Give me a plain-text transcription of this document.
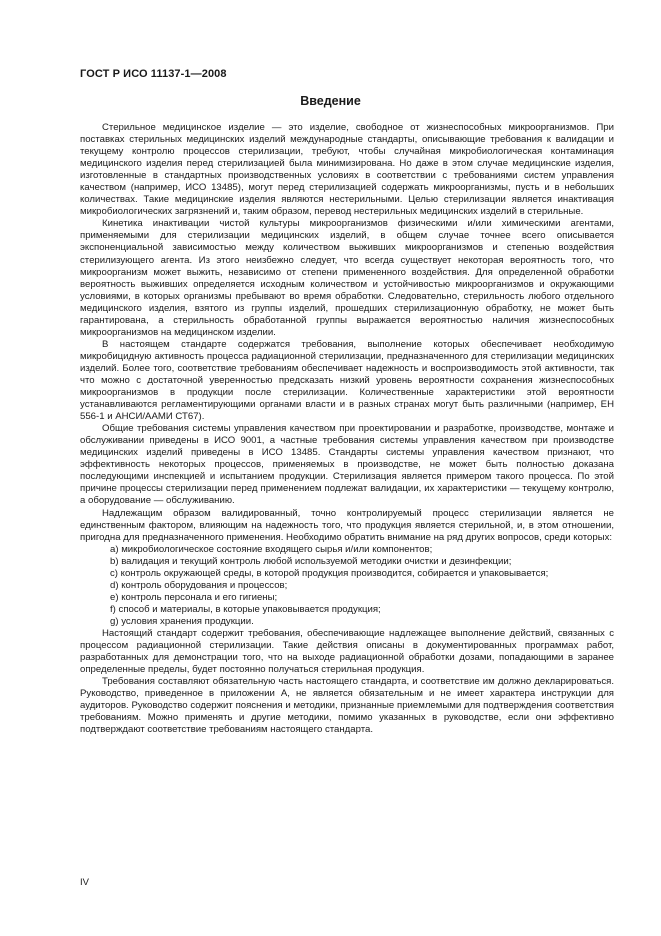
ГОСТ Р ИСО 11137-1—2008
Введение

Стерильное медицинское изделие — это изделие, свободное от жизнеспособных микроорганизмов. При поставках стерильных медицинских изделий международные стандарты, описывающие требования к валидации и текущему контролю процессов стерилизации, требуют, чтобы случайная микробиологическая контаминация медицинского изделия перед стерилизацией была минимизирована. Но даже в этом случае медицинские изделия, изготовленные в стандартных производственных условиях в соответствии с требованиями систем управления качеством (например, ИСО 13485), могут перед стерилизацией содержать микроорганизмы, пусть и в небольших количествах. Такие медицинские изделия являются нестерильными. Целью стерилизации является инактивация микробиологических загрязнений и, таким образом, перевод нестерильных медицинских изделий в стерильные.

Кинетика инактивации чистой культуры микроорганизмов физическими и/или химическими агентами, применяемыми для стерилизации медицинских изделий, в общем случае точнее всего описывается экспоненциальной зависимостью между количеством выживших микроорганизмов и степенью воздействия стерилизующего агента. Из этого неизбежно следует, что всегда существует некоторая вероятность того, что микроорганизм может выжить, независимо от степени примененного воздействия. Для определенной обработки вероятность выживших определяется исходным количеством и устойчивостью микроорганизмов и окружающими условиями, в которых организмы пребывают во время обработки. Следовательно, стерильность любого отдельного медицинского изделия, взятого из группы изделий, прошедших стерилизационную обработку, не может быть гарантирована, а стерильность обработанной группы выражается вероятностью наличия жизнеспособных микроорганизмов на медицинском изделии.

В настоящем стандарте содержатся требования, выполнение которых обеспечивает необходимую микробицидную активность процесса радиационной стерилизации, предназначенного для стерилизации медицинских изделий. Более того, соответствие требованиям обеспечивает надежность и воспроизводимость этой активности, так что можно с достаточной уверенностью предсказать низкий уровень вероятности сохранения жизнеспособных микроорганизмов в продукции после стерилизации. Количественные характеристики этой вероятности устанавливаются регламентирующими органами власти и в разных странах могут быть различными (например, ЕН 556-1 и АНСИ/ААМИ СТ67).

Общие требования системы управления качеством при проектировании и разработке, производстве, монтаже и обслуживании приведены в ИСО 9001, а частные требования системы управления качеством при производстве медицинских изделий приведены в ИСО 13485. Стандарты системы управления качеством признают, что эффективность некоторых процессов, применяемых в производстве, не может быть полностью доказана последующими инспекцией и испытанием продукции. Стерилизация является примером такого процесса. По этой причине процессы стерилизации перед применением подлежат валидации, их характеристики — текущему контролю, а оборудование — обслуживанию.

Надлежащим образом валидированный, точно контролируемый процесс стерилизации является не единственным фактором, влияющим на надежность того, что продукция является стерильной, и, в этом отношении, пригодна для предназначенного применения. Необходимо обратить внимание на ряд других вопросов, среди которых:

а) микробиологическое состояние входящего сырья и/или компонентов;
b) валидация и текущий контроль любой используемой методики очистки и дезинфекции;
с) контроль окружающей среды, в которой продукция производится, собирается и упаковывается;
d) контроль оборудования и процессов;
е) контроль персонала и его гигиены;
f) способ и материалы, в которые упаковывается продукция;
g) условия хранения продукции.

Настоящий стандарт содержит требования, обеспечивающие надлежащее выполнение действий, связанных с процессом радиационной стерилизации. Такие действия описаны в документированных программах работ, разработанных для демонстрации того, что на выходе радиационной обработки дозами, попадающими в заранее определенные пределы, будет постоянно получаться стерильная продукция.

Требования составляют обязательную часть настоящего стандарта, и соответствие им должно декларироваться. Руководство, приведенное в приложении А, не является обязательным и не имеет характера инструкции для аудиторов. Руководство содержит пояснения и методики, признанные приемлемыми для подтверждения соответствия требованиям. Можно применять и другие методики, помимо указанных в руководстве, если они эффективно подтверждают соответствие требованиям настоящего стандарта.

IV
